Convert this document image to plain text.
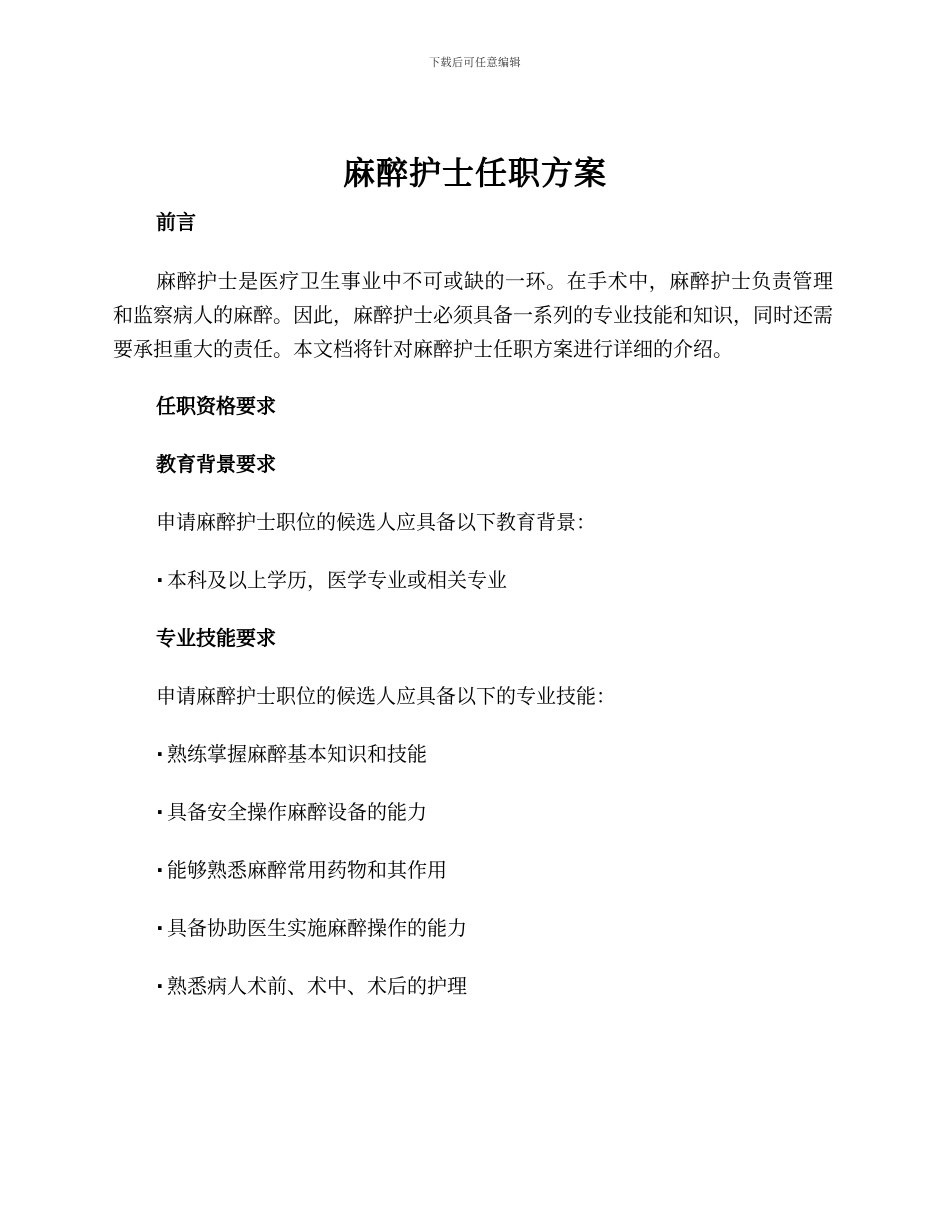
下载后可任意编辑
麻醉护士任职方案

前言

麻醉护士是医疗卫生事业中不可或缺的一环。在手术中，麻醉护士负责管理和监察病人的麻醉。因此，麻醉护士必须具备一系列的专业技能和知识，同时还需要承担重大的责任。本文档将针对麻醉护士任职方案进行详细的介绍。

任职资格要求

教育背景要求

申请麻醉护士职位的候选人应具备以下教育背景：

· 本科及以上学历，医学专业或相关专业

专业技能要求

申请麻醉护士职位的候选人应具备以下的专业技能：

· 熟练掌握麻醉基本知识和技能
· 具备安全操作麻醉设备的能力
· 能够熟悉麻醉常用药物和其作用
· 具备协助医生实施麻醉操作的能力
· 熟悉病人术前、术中、术后的护理
